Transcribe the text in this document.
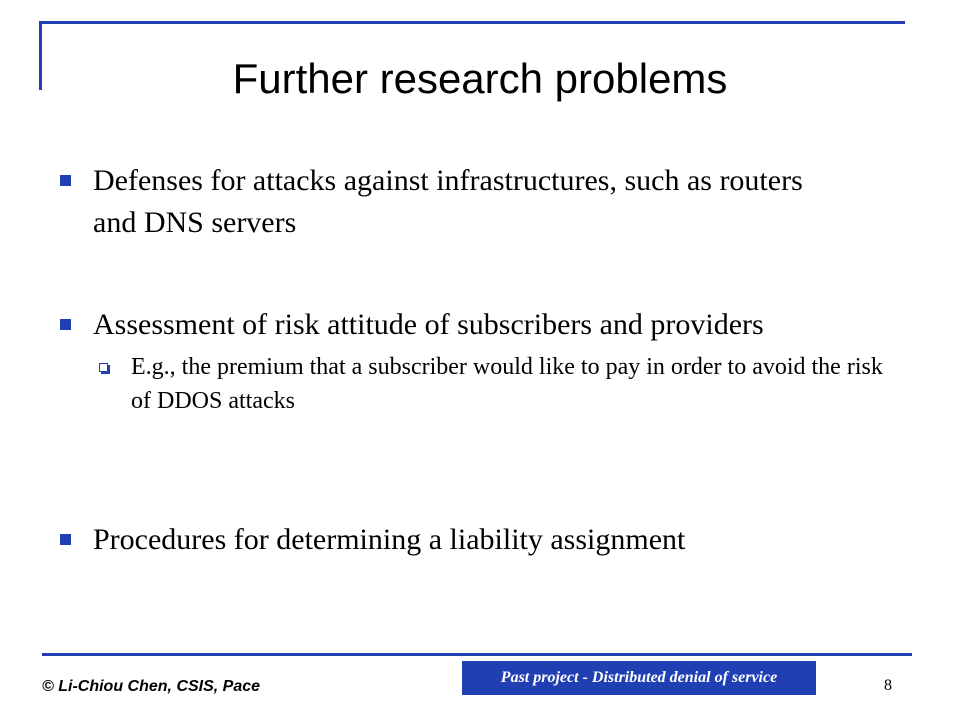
Further research problems
Defenses for attacks against infrastructures, such as routers and DNS servers
Assessment of risk attitude of subscribers and providers
E.g., the premium that a subscriber would like to pay in order to avoid the risk of DDOS attacks
Procedures for determining a liability assignment
© Li-Chiou Chen, CSIS, Pace
Past project - Distributed denial of service	8
